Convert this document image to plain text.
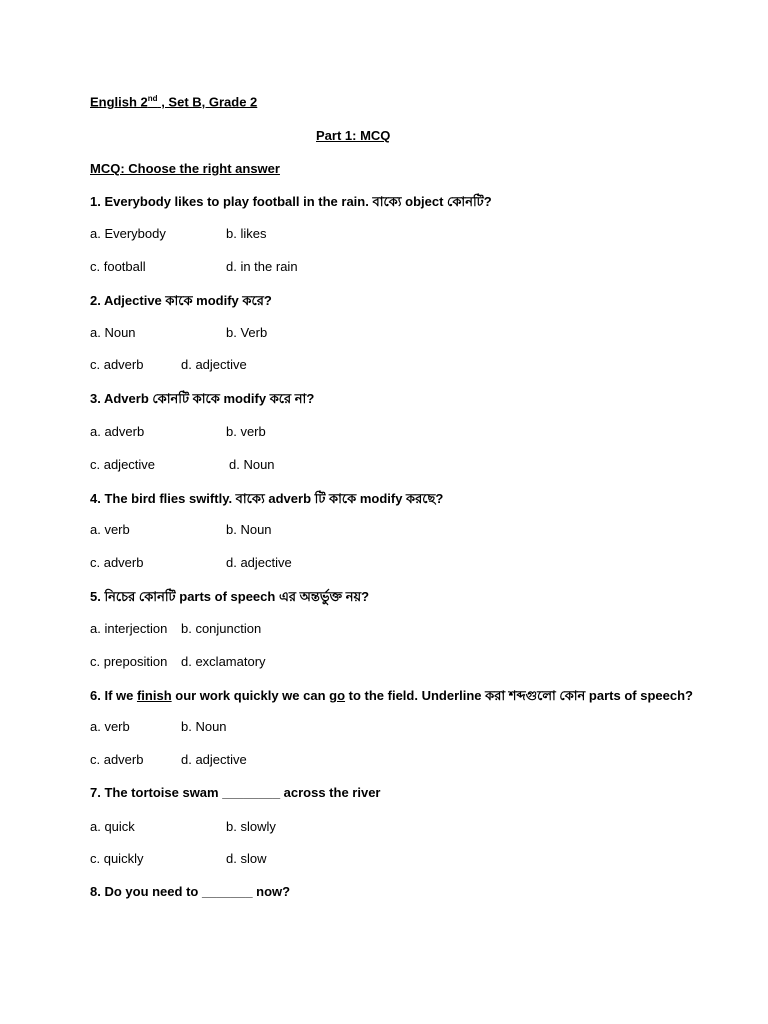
English 2nd , Set B, Grade 2
Part 1: MCQ
MCQ: Choose the right answer
1. Everybody likes to play football in the rain. বাক্যে object কোনটি?
a. Everybody	b. likes
c. football	d. in the rain
2. Adjective কাকে modify করে?
a. Noun	b. Verb
c. adverb	d. adjective
3. Adverb কোনটি কাকে modify করে না?
a. adverb	b. verb
c. adjective	d. Noun
4. The bird flies swiftly. বাক্যে adverb টি কাকে modify করছে?
a. verb	b. Noun
c. adverb	d. adjective
5. নিচের কোনটি parts of speech এর অন্তর্ভুক্ত নয়?
a. interjection b. conjunction
c. preposition d. exclamatory
6. If we finish our work quickly we can go to the field. Underline করা শব্দগুলো কোন parts of speech?
a. verb	b. Noun
c. adverb	d. adjective
7. The tortoise swam ________ across the river
a. quick	b. slowly
c. quickly	d. slow
8. Do you need to _______ now?
